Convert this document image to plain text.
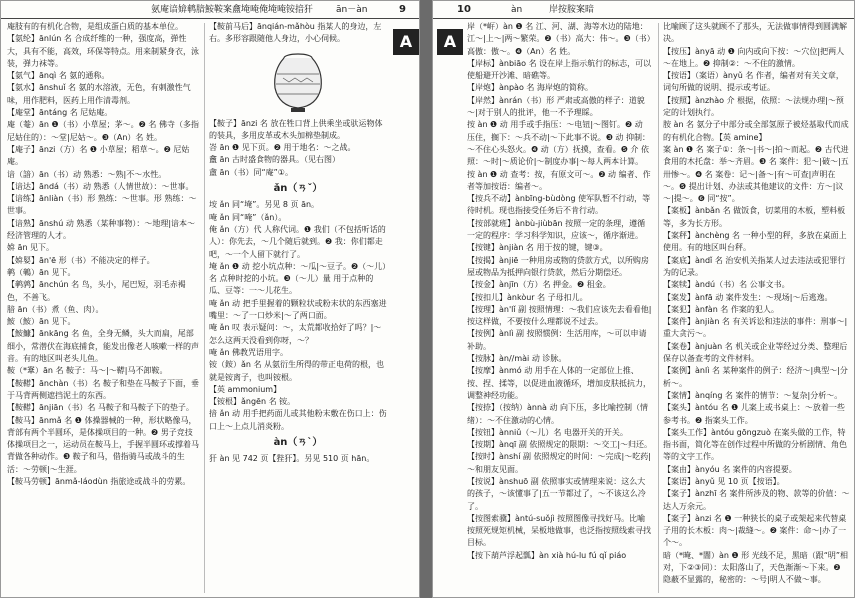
氨庵谙媕鹌腤鮟鞍案盫埯唵俺埯唵铵揞犴	ān－àn	9

庵肢有的有机化合物，是组成蛋白质的基本单位。

【氨纶】ānlún 名 合成纤维的一种，强度高，弹性大，具有不能，高效，环保等特点。用来制紧身衣，泳装，弹力袜等。

【氨气】ānqì 名 氨的通称。

【氨水】ānshuǐ 名 氨的水溶液，无色，有刺激性气味，用作肥料，医药上用作清毒剂。

【庵堂】āntáng 名 尼姑庵。

庵（菴）ān ❶（书）小草屋；茅～。❷ 名 佛寺（多指尼姑住的）：～堂|尼姑～。❸（An）名 姓。

【庵子】ānzi（方）名 ❶ 小草屋；稻草～。❷ 尼姑庵。

谙（諳）ān（书）动 熟悉：～熟|不～水性。

【谙达】āndá（书）动 熟悉（人情世故）：～世事。

【谙练】ānliàn（书）形 熟练：～世事。形 熟练：～世事。

【谙熟】ānshú 动 熟悉（某种事物）：～地理|谙本～经济管理的人才。

媕 ān 见下。

【媕娿】ān'ē 形（书）不能决定的样子。

鹌（鵪）ān 见下。

【鹌鹑】ānchún 名 鸟，头小，尾巴短，羽毛赤褐色，不善飞。

腤 ān（书）煮（鱼、肉）。

鮟（鮟）ān 见下。

【鮟鱇】ānkāng 名 鱼，全身无鳞，头大而扁，尾部细小，常潜伏在海底捕食，能发出像老人咳嗽一样的声音。有的地区叫老头儿鱼。

鞍（*鞌）ān 名 鞍子：马～|～鞯|马不卸鞍。

【鞍鞯】ānchàn（书）名 鞍子和垫在马鞍子下面，垂于马背两侧遮挡泥土的东西。

【鞍鞯】ānjiān（书）名 马鞍子和马鞍子下的垫子。

【鞍马】ānmǎ 名 ❶ 体操器械的一种，形状略像马，背部有两个半圆环，是体操项目的一种。❷ 男子竞技体操项目之一，运动员在鞍马上，手握半圆环或撑着马背做各种动作。❸ 鞍子和马，借指骑马或战斗的生活：～劳顿|～生涯。

【鞍马劳顿】ānmǎ-láodùn 指旅途或战斗的劳累。

【鞍前马后】ānqián-mǎhòu 指某人的身边，左右。多形容跟随他人身边，小心伺候。

【鞍子】ānzi 名 放在牲口背上供乘坐或驮运物体的装具，多用皮革或木头加棉垫制成。

峇 ān ❶ 见下页。❷ 用于地名：～之战。

盫 ān 古时盛食物的器具。（见右图）

盦 ān（书）同“庵”①。

ǎn（ㄢˇ）

垵 ǎn 同“埯”。另见 8 页 ān。

唵 ǎn 同“唵”（ǎn）。

俺 ǎn（方）代 人称代词。❶ 我们（不包括听话的人）：你先去，～几个随后就到。❷ 我：你们都走吧，～一个人留下就行了。

埯 ǎn ❶ 动 挖小坑点种：～瓜|～豆子。❷（～儿）名 点种时挖的小坑。❸（～儿）量 用于点种的瓜、豆等：一～儿花生。

唵 ǎn 动 把手里握着的颗粒状或粉末状的东西塞进嘴里：～了一口炒米|～了两口面。

唵 ǎn 叹 表示疑问：～，太荒都收拾好了吗？|～怎么这两天没看到你呀，～？

唵 ǎn 佛教咒语用字。

铵（銨）ǎn 名 从氨衍生所得的带正电荷的根，也就是铵离子，也叫铵根。

【英 ammonium】

【铵根】ǎngēn 名 铵。

揞 ǎn 动 用手把药面儿或其他粉末敷在伤口上：伤口上～上点儿消炎粉。

àn（ㄢˋ）

犴 àn 见 742 页【狴犴】。另见 510 页 hān。

A
10	àn	岸按胺案暗
A

岸（*㟁）àn ❶ 名 江、河、湖、海等水边的陆地：江～|上～|两～繁荣。❷（书）高大：伟～。❸（书）高傲：傲～。❹（An）名 姓。

【岸标】ànbiāo 名 设在岸上指示航行的标志，可以使船避开沙滩、暗礁等。

【岸炮】ànpào 名 海岸炮的简称。

【岸然】ànrán（书）形 严肃或高傲的样子：道貌～|对于别人的批评，他一不予理睬。

按 àn ❶ 动 用手或手指压：～电钮|～图钉。❷ 动 压住，搁下：～兵不动|～下此事不说。❸ 动 抑制：～不住心头怒火。❹ 动（方）抚摸，查看。❺ 介 依照：～时|～质论价|～制度办事|～每人两本计算。

按 àn ❶ 动 查考：按，有原文可～。❷ 动 编者、作者等加按语：编者～。

【按兵不动】ànbīng-bùdòng 使军队暂不行动，等待时机。现也指接受任务后不肯行动。

【按部就班】ànbù-jiùbān 按照一定的条理，遵循一定的程序：学习科学知识，应该～，循序渐进。

【按键】ànjiàn 名 用于按的键，键③。

【按揭】ànjiē 一种用房或物的贷款方式，以所购房屋或物品为抵押向银行贷款，然后分期偿还。

【按金】ànjīn（方）名 押金。❷ 租金。

【按扣儿】ànkòur 名 子母扣儿。

【按理】àn'lǐ 副 按照情理：～我们应该先去看看他|按这样做，不要按什么理都说不过去。

【按例】ànlì 副 按照惯例：生活用库，～可以申请补助。

【按脉】àn//mài 动 诊脉。

【按摩】ànmó 动 用手在人体的一定部位上推、按、捏、揉等，以促进血液循环，增加皮肤抵抗力，调整神经功能。

【按捺】（按纳）ànnà 动 向下压，多比喻控制（情绪）：～不住激动的心情。

【按钮】ànniǔ（～儿）名 电器开关的开关。

【按期】ànqī 副 依照规定的限期：～交工|～归还。

【按时】ànshí 副 依照规定的时间：～完成|～吃药|～和朋友见面。

【按说】ànshuō 副 依照事实或情理来说：这么大的孩子，～该懂事了|五一节都过了，～不该这么冷了。

【按图索骥】àntú-suǒjì 按照图像寻找好马。比喻按照死规矩机械，呆板地做事，也泛指按照线索寻找目标。

【按下葫芦浮起瓢】àn xià hú-lu fú qǐ piáo

比喻顾了这头就顾不了那头，无法做事情得到圆满解决。

【按压】ànyā 动 ❶ 向内或向下按：～穴位|把两人～在地上。❷ 抑制②：～不住的激情。

【按语】（案语）ànyǔ 名 作者，编者对有关文章，词句所做的说明、提示或考证。

【按照】ànzhào 介 根据，依照：～法规办理|～预定的计划执行。

胺 àn 名 氨分子中部分或全部氢原子被烃基取代而成的有机化合物。【英 amine】

案 àn ❶ 名 案子①：条～|书～|拍～而起。❷ 古代进食用的木托盘：举～齐眉。❸ 名 案件：犯～|破～|五卅惨～。❹ 名 案卷：记～|备～|有～可查|声明在～。❺ 提出计划、办法或其他建议的文件：方～|议～|提～。❻ 同“按”。

【案板】ànbǎn 名 做饭食，切菜用的木板，塑料板等，多为长方形。

【案秤】ànchèng 名 一种小型的秤，多放在桌面上使用。有的地区叫台秤。

【案底】àndǐ 名 治安机关指某人过去违法或犯罪行为的记录。

【案犊】àndú（书）名 公事文书。

【案发】ànfā 动 案件发生：～现场|～后逃逸。

【案犯】ànfàn 名 作案的犯人。

【案件】ànjiàn 名 有关诉讼和违法的事件：刑事～|重大贪污～。

【案卷】ànjuàn 名 机关或企业等经过分类、整理后保存以备查考的文件材料。

【案例】ànlì 名 某种案件的例子：经济～|典型～|分析～。

【案情】ànqíng 名 案件的情节：～复杂|分析～。

【案头】àntóu 名 ❶ 儿案上或书桌上：～放着一些参考书。❷ 指案头工作。

【案头工作】àntóu gōngzuò 在案头做的工作，特指书面，简化等在创作过程中所做的分析剧情、角色等的文字工作。

【案由】ànyóu 名 案件的内容提要。

【案语】ànyǔ 见 10 页【按语】。

【案子】ànzhī 名 案件所涉及的物、款等的价值：～达人万余元。

【案子】ànzi 名 ❶ 一种狭长的桌子或架起来代替桌子用的长木板：肉～|裁缝～。❷ 案件：命～|办了一个～。

暗（*晻、*闇）àn ❶ 形 光线不足，黑暗（跟“明”相对，下②③同）：太阳落山了，天色渐渐～下来。❷ 隐蔽不显露的，秘密的：～号|明人不做～事。
